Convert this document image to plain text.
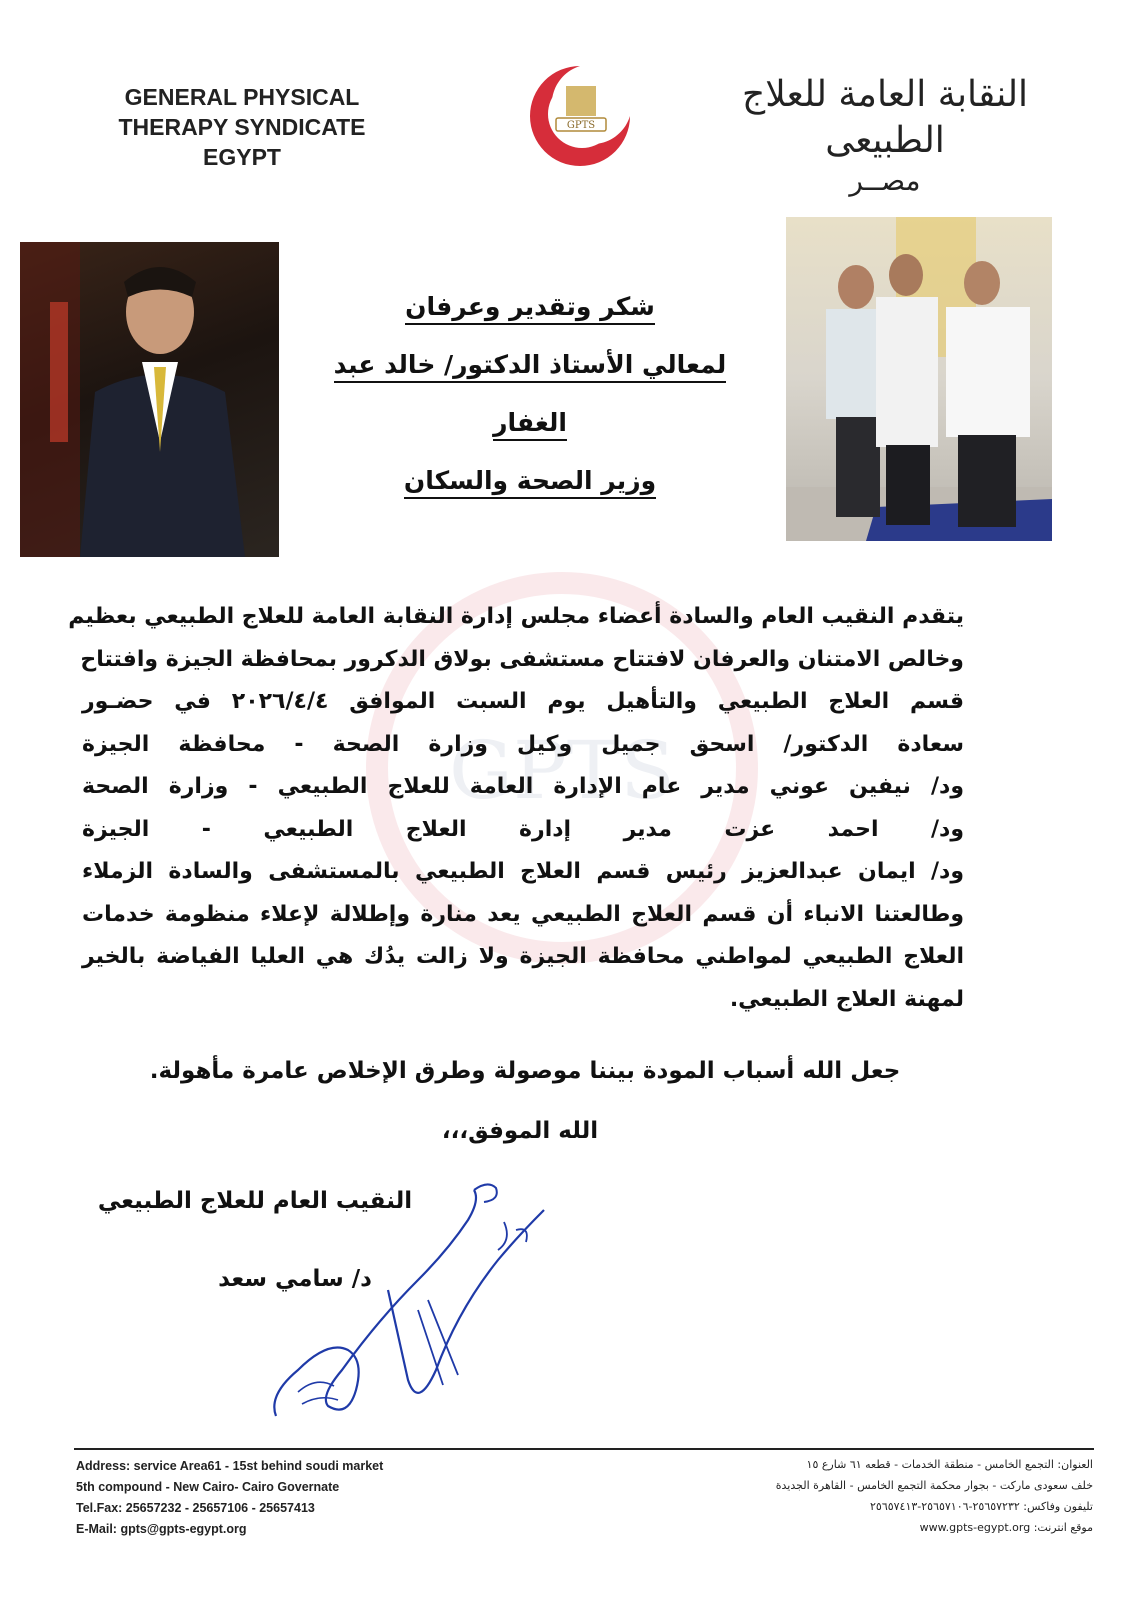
GPTS
GENERAL PHYSICAL
THERAPY SYNDICATE
EGYPT
GPTS
النقابة العامة للعلاج الطبيعى
مصــر
شكر وتقدير وعرفان
لمعالي الأستاذ الدكتور/ خالد عبد الغفار
وزير الصحة والسكان
يتقدم النقيب العام والسادة أعضاء مجلس إدارة النقابة العامة للعلاج الطبيعي بعظيم
وخالص الامتنان والعرفان لافتتاح مستشفى بولاق الدكرور بمحافظة الجيزة وافتتاح
قسم العلاج الطبيعي والتأهيل يوم السبت الموافق ٢٠٢٦/٤/٤ في حضـور
سعادة الدكتور/ اسحق جميل وكيل وزارة الصحة - محافظة الجيزة
ود/ نيفين عوني مدير عام الإدارة العامة للعلاج الطبيعي - وزارة الصحة
ود/ احمد عزت مدير إدارة العلاج الطبيعي - الجيزة
ود/ ايمان عبدالعزيز رئيس قسم العلاج الطبيعي بالمستشفى والسادة الزملاء
وطالعتنا الانباء أن قسم العلاج الطبيعي يعد منارة وإطلالة لإعلاء منظومة خدمات
العلاج الطبيعي لمواطني محافظة الجيزة ولا زالت يدُك هي العليا الفياضة بالخير
لمهنة العلاج الطبيعي.
جعل الله أسباب المودة بيننا موصولة وطرق الإخلاص عامرة مأهولة.
الله الموفق،،،
النقيب العام للعلاج الطبيعي
د/ سامي سعد
Address: service Area61 - 15st behind soudi market
5th compound - New Cairo- Cairo Governate
Tel.Fax: 25657232 - 25657106 - 25657413
E-Mail: gpts@gpts-egypt.org
العنوان: التجمع الخامس - منطقة الخدمات - قطعه ٦١ شارع ١٥
خلف سعودى ماركت - بجوار محكمة التجمع الخامس - القاهرة الجديدة
تليفون وفاكس: ٢٥٦٥٧٢٣٢-٢٥٦٥٧١٠٦-٢٥٦٥٧٤١٣
موقع انترنت: www.gpts-egypt.org
